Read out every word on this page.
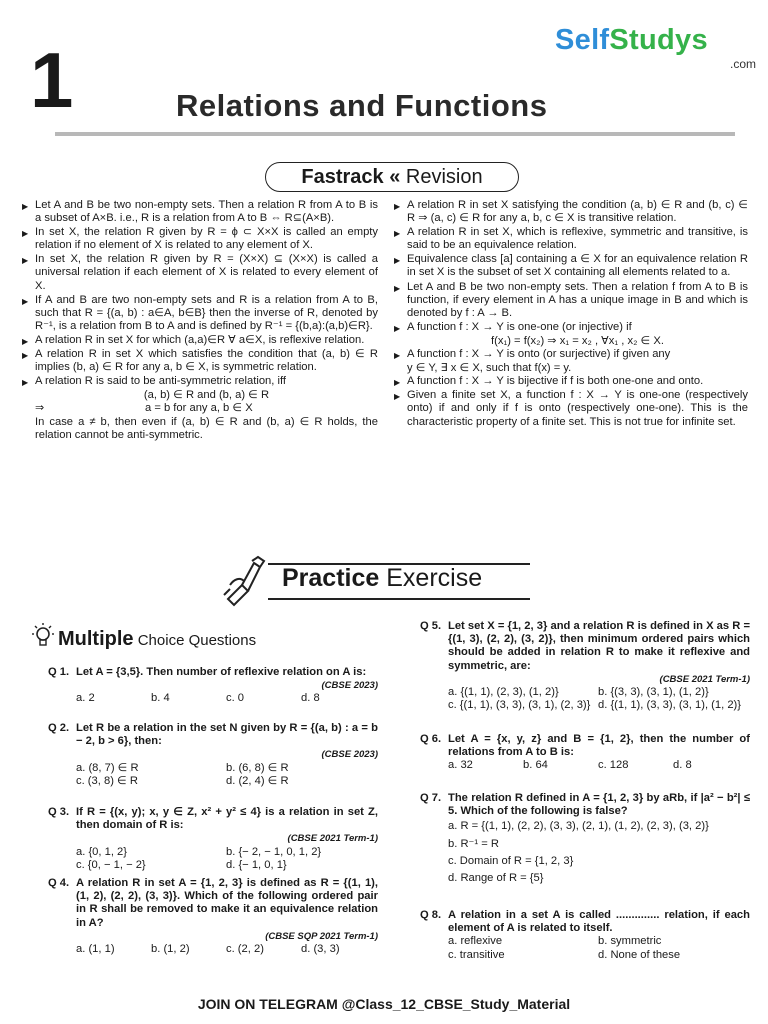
1	Relations and Functions
SelfStudys
.com
Fastrack « Revision
▶ Let A and B be two non-empty sets. Then a relation R from A to B is a subset of A×B. i.e., R is a relation from A to B ⇔ R⊆(A×B).
▶ In set X, the relation R given by R = ϕ ⊂ X×X is called an empty relation if no element of X is related to any element of X.
▶ In set X, the relation R given by R = (X×X) ⊆ (X×X) is called a universal relation if each element of X is related to every element of X.
▶ If A and B are two non-empty sets and R is a relation from A to B, such that R = {(a, b) : a∈A, b∈B} then the inverse of R, denoted by R⁻¹, is a relation from B to A and is defined by R⁻¹ = {(b,a):(a,b)∈R}.
▶ A relation R in set X for which (a,a)∈R ∀ a∈X, is reflexive relation.
▶ A relation R in set X which satisfies the condition that (a, b) ∈ R implies (b, a) ∈ R for any a, b ∈ X, is symmetric relation.
▶ A relation R is said to be anti-symmetric relation, iff
(a, b) ∈ R and (b, a) ∈ R
⇒	a = b for any a, b ∈ X
In case a ≠ b, then even if (a, b) ∈ R and (b, a) ∈ R holds, the relation cannot be anti-symmetric.
▶ A relation R in set X satisfying the condition (a, b) ∈ R and (b, c) ∈ R ⇒ (a, c) ∈ R for any a, b, c ∈ X is transitive relation.
▶ A relation R in set X, which is reflexive, symmetric and transitive, is said to be an equivalence relation.
▶ Equivalence class [a] containing a ∈ X for an equivalence relation R in set X is the subset of set X containing all elements related to a.
▶ Let A and B be two non-empty sets. Then a relation f from A to B is function, if every element in A has a unique image in B and which is denoted by f : A → B.
▶ A function f : X → Y is one-one (or injective) if
f(x₁) = f(x₂) ⇒ x₁ = x₂ , ∀x₁ , x₂ ∈ X.
▶ A function f : X → Y is onto (or surjective) if given any
y ∈ Y, ∃ x ∈ X, such that f(x) = y.
▶ A function f : X → Y is bijective if f is both one-one and onto.
▶ Given a finite set X, a function f : X → Y is one-one (respectively onto) if and only if f is onto (respectively one-one). This is the characteristic property of a finite set. This is not true for infinite set.
Practice Exercise
Multiple Choice Questions
Q 1. Let A = {3,5}. Then number of reflexive relation on A is:
(CBSE 2023)
a. 2	b. 4	c. 0	d. 8
Q 2. Let R be a relation in the set N given by R = {(a, b) : a = b − 2, b > 6}, then:
(CBSE 2023)
a. (8, 7) ∈ R	b. (6, 8) ∈ R
c. (3, 8) ∈ R	d. (2, 4) ∈ R
Q 3. If R = {(x, y); x, y ∈ Z, x² + y² ≤ 4} is a relation in set Z, then domain of R is:
(CBSE 2021 Term-1)
a. {0, 1, 2}	b. {− 2, − 1, 0, 1, 2}
c. {0, − 1, − 2}	d. {− 1, 0, 1}
Q 4. A relation R in set A = {1, 2, 3} is defined as R = {(1, 1), (1, 2), (2, 2), (3, 3)}. Which of the following ordered pair in R shall be removed to make it an equivalence relation in A?
(CBSE SQP 2021 Term-1)
a. (1, 1)	b. (1, 2)	c. (2, 2)	d. (3, 3)
Q 5. Let set X = {1, 2, 3} and a relation R is defined in X as R = {(1, 3), (2, 2), (3, 2)}, then minimum ordered pairs which should be added in relation R to make it reflexive and symmetric, are:
(CBSE 2021 Term-1)
a. {(1, 1), (2, 3), (1, 2)}	b. {(3, 3), (3, 1), (1, 2)}
c. {(1, 1), (3, 3), (3, 1), (2, 3)} d. {(1, 1), (3, 3), (3, 1), (1, 2)}
Q 6. Let A = {x, y, z} and B = {1, 2}, then the number of relations from A to B is:
a. 32	b. 64	c. 128	d. 8
Q 7. The relation R defined in A = {1, 2, 3} by aRb, if |a² − b²| ≤ 5. Which of the following is false?
a. R = {(1, 1), (2, 2), (3, 3), (2, 1), (1, 2), (2, 3), (3, 2)}
b. R⁻¹ = R
c. Domain of R = {1, 2, 3}
d. Range of R = {5}
Q 8. A relation in a set A is called .............. relation, if each element of A is related to itself.
a. reflexive	b. symmetric
c. transitive	d. None of these
JOIN ON TELEGRAM @Class_12_CBSE_Study_Material
